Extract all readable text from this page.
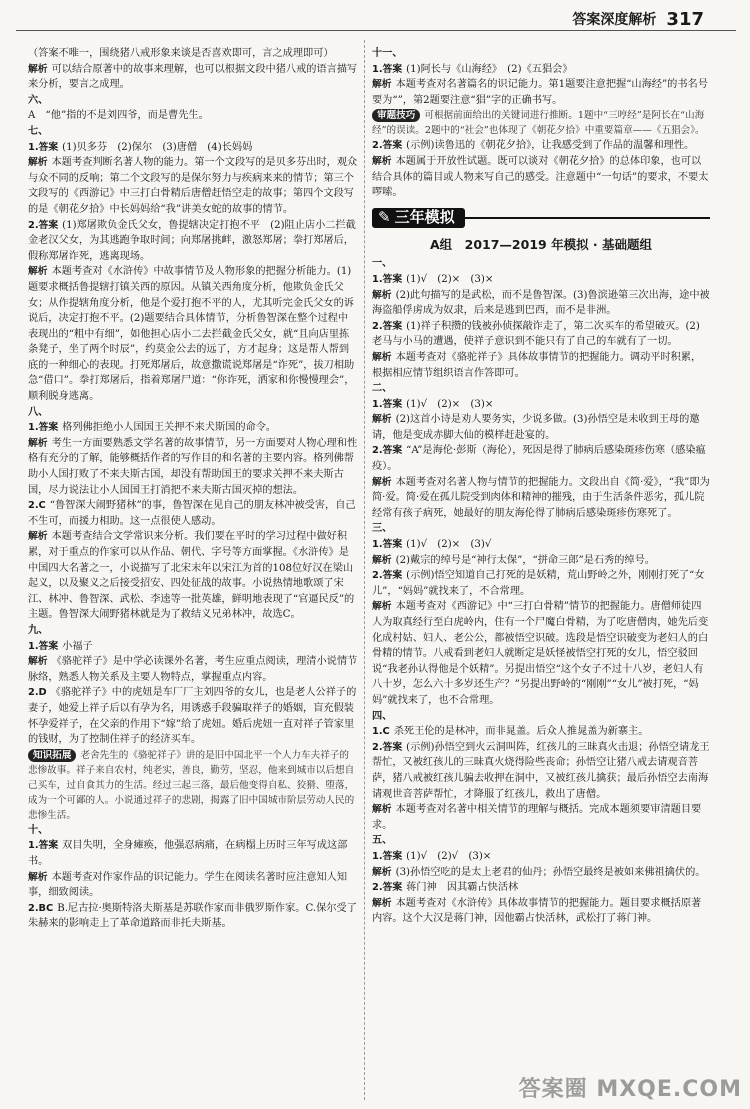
答案深度解析 317

（答案不唯一，围绕猪八戒形象来谈是否喜欢即可，言之成理即可）

解析 可以结合原著中的故事来理解，也可以根据文段中猪八戒的语言描写来分析，要言之成理。

六、

A　“他”指的不是刘四爷，而是曹先生。

七、

1.答案 (1)贝多芬　(2)保尔　(3)唐僧　(4)长妈妈

解析 本题考查判断名著人物的能力。第一个文段写的是贝多芬出时，观众与众不同的反响；第二个文段写的是保尔努力与疾病来来的情节；第三个文段写的《西游记》中三打白骨精后唐僧赶悟空走的故事；第四个文段写的是《朝花夕拾》中长妈妈给“我”讲美女蛇的故事的情节。

2.答案 (1)郑屠欺负金氏父女，鲁提辖决定打抱不平　(2)阻止店小二拦截金老汉父女，为其逃跑争取时间；向郑屠挑衅，激怒郑屠；拳打郑屠后，假称郑屠诈死，逃离现场。

解析 本题考查对《水浒传》中故事情节及人物形象的把握分析能力。(1)题要求概括鲁提辖打镇关西的原因。从镇关西角度分析，他欺负金氏父女；从作提辖角度分析，他是个爱打抱不平的人，尤其听完金氏父女的诉说后，决定打抱不平。(2)题要结合具体情节，分析鲁智深在整个过程中表现出的“粗中有细”，如他担心店小二去拦截金氏父女，就“且向店里拣条凳子，坐了两个时辰”，约莫金公去的远了，方才起身；这是帮人帮到底的一种细心的表现。打死郑屠后，故意撒谎说郑屠是“诈死”，拔刀相助急“借口”。拳打郑屠后，指着郑屠尸道：“你诈死，洒家和你慢慢理会”，顺利脱身逃离。

八、

1.答案 格列佛拒绝小人国国王关押不来犬斯国的命令。

解析 考生一方面要熟悉文学名著的故事情节，另一方面要对人物心理和性格有充分的了解，能够概括作者的写作目的和名著的主要内容。格列佛帮助小人国打败了不来夫斯古国，却没有帮助国王的要求关押不来夫斯古国，尽力说法让小人国国王打消把不来夫斯古国灭掉的想法。

2.C “鲁智深大闹野猪林”的事，鲁智深在见自己的朋友林冲被受害，自己不生可，而援力相助。这一点很使人感动。

解析 本题考查结合文学常识来分析。我们要在平时的学习过程中做好积累，对于重点的作家可以从作品、朝代、字号等方面掌握。《水浒传》是中国四大名著之一，小说描写了北宋末年以宋江为首的108位好汉在梁山起义，以及聚义之后接受招安、四处征战的故事。小说热情地歌颂了宋江、林冲、鲁智深、武松、李逵等一批英雄，鲜明地表现了“官逼民反”的主题。鲁智深大闹野猪林就是为了救结义兄弟林冲，故选C。

九、

1.答案 小福子

解析 《骆驼祥子》是中学必读课外名著，考生应重点阅读，理清小说情节脉络，熟悉人物关系及主要人物特点，掌握重点内容。

2.D 《骆驼祥子》中的虎妞是车厂厂主刘四爷的女儿，也是老人公祥子的妻子，她爱上祥子后以有孕为名，用诱惑手段骗取祥子的婚姻，盲充假装怀孕爱祥子，在父亲的作用下“嫁”给了虎妞。婚后虎妞一直对祥子管家里的钱财，为了控制住祥子的经济买车。

知识拓展 老舍先生的《骆驼祥子》讲的是旧中国北平一个人力车夫祥子的悲惨故事。祥子来自农村，纯老实，善良，勤劳，坚忍，他来到城市以后想自己买车，过自食其力的生活。经过三起三落，最后他变得自私、狡猾、堕落，成为一个可鄙的人。小说通过祥子的悲剧，揭露了旧中国城市阶层劳动人民的悲惨生活。

十、

1.答案 双目失明，全身瘫痪，他强忍病痛，在病榻上历时三年写成这部书。

解析 本题考查对作家作品的识记能力。学生在阅读名著时应注意知人知事，细致阅读。

2.BC B.尼古拉·奥斯特洛夫斯基是苏联作家而非俄罗斯作家。C.保尔受了朱赫来的影响走上了革命道路而非托夫斯基。

十一、

1.答案 (1)阿长与《山海经》　(2)《五猖会》

解析 本题考查对名著篇名的识记能力。第1题要注意把握“山海经”的书名号要为“”，第2题要注意“猖”字的正确书写。

审题技巧 可根据前面给出的关键词进行推断。1题中“三哼经”是阿长在“山海经”的误读。2题中的“社会”也体现了《朝花夕拾》中重要篇章——《五猖会》。

2.答案 (示例)读鲁迅的《朝花夕拾》，让我感受到了作品的温馨和理性。

解析 本题属于开放性试题。既可以谈对《朝花夕拾》的总体印象，也可以结合具体的篇目或人物来写自己的感受。注意题中“一句话”的要求，不要太啰嗦。

✎ 三年模拟
A组　2017—2019 年模拟 · 基础题组

一、

1.答案 (1)√　(2)×　(3)×

解析 (2)此句描写的是武松，而不是鲁智深。(3)鲁滨逊第三次出海，途中被海盗船俘虏成为奴隶，后来是逃到巴西，而不是非洲。

2.答案 (1)祥子积攒的钱被孙侦探敲诈走了，第二次买车的希望破灭。(2)老马与小马的遭遇，使祥子意识到不能只有了自己的车就有了一切。

解析 本题考查对《骆驼祥子》具体故事情节的把握能力。调动平时积累，根据相应情节组织语言作答即可。

二、

1.答案 (1)√　(2)×　(3)×

解析 (2)这首小诗是劝人要务实，少说多做。(3)孙悟空是未收到王母的邀请，他是变成赤脚大仙的模样赶赴宴的。

2.答案 “A”是海伦·彭斯（海伦），死因是得了肺病后感染斑疹伤寒（感染瘟疫）。

解析 本题考查对名著人物与情节的把握能力。文段出自《简·爱》，“我”即为简·爱。简·爱在孤儿院受到肉体和精神的摧残，由于生活条件恶劣，孤儿院经常有孩子病死，她最好的朋友海伦得了肺病后感染斑疹伤寒死了。

三、

1.答案 (1)√　(2)×　(3)√

解析 (2)戴宗的绰号是“神行太保”，“拼命三郎”是石秀的绰号。

2.答案 (示例)悟空知道自己打死的是妖精，荒山野岭之外，刚刚打死了“女儿”，“妈妈”就找来了，不合常理。

解析 本题考查对《西游记》中“三打白骨精”情节的把握能力。唐僧师徒四人为取真经行至白虎岭内，住有一个尸魔白骨精，为了吃唐僧肉，她先后变化成村姑、妇人、老公公，都被悟空识破。选段是悟空识破变为老妇人的白骨精的情节。八戒看到老妇人就断定是妖怪被悟空打死的女儿，悟空驳回说“我老孙认得他是个妖精”。另提出悟空“这个女子不过十八岁，老妇人有八十岁，怎么六十多岁还生产？”另提出野岭的“刚刚”“女儿”被打死，“妈妈”就找来了，也不合常理。

四、

1.C 杀死王伦的是林冲，而非晁盖。后众人推晁盖为新寨主。

2.答案 (示例)孙悟空到火云洞叫阵，红孩儿的三昧真火击退；孙悟空请龙王帮忙，又被红孩儿的三昧真火烧得险些丧命；孙悟空让猪八戒去请观音菩萨，猪八戒被红孩儿骗去收押在洞中，又被红孩儿擒获；最后孙悟空去南海请观世音菩萨帮忙，才降服了红孩儿，救出了唐僧。

解析 本题考查对名著中相关情节的理解与概括。完成本题须要审清题目要求。

五、

1.答案 (1)√　(2)√　(3)×

解析 (3)孙悟空吃的是太上老君的仙丹；孙悟空最终是被如来佛祖擒伏的。

2.答案 蒋门神　因其霸占快活林

解析 本题考查对《水浒传》具体故事情节的把握能力。题目要求概括原著内容。这个大汉是蒋门神，因他霸占快活林，武松打了蒋门神。

答案圈 MXQE.COM
